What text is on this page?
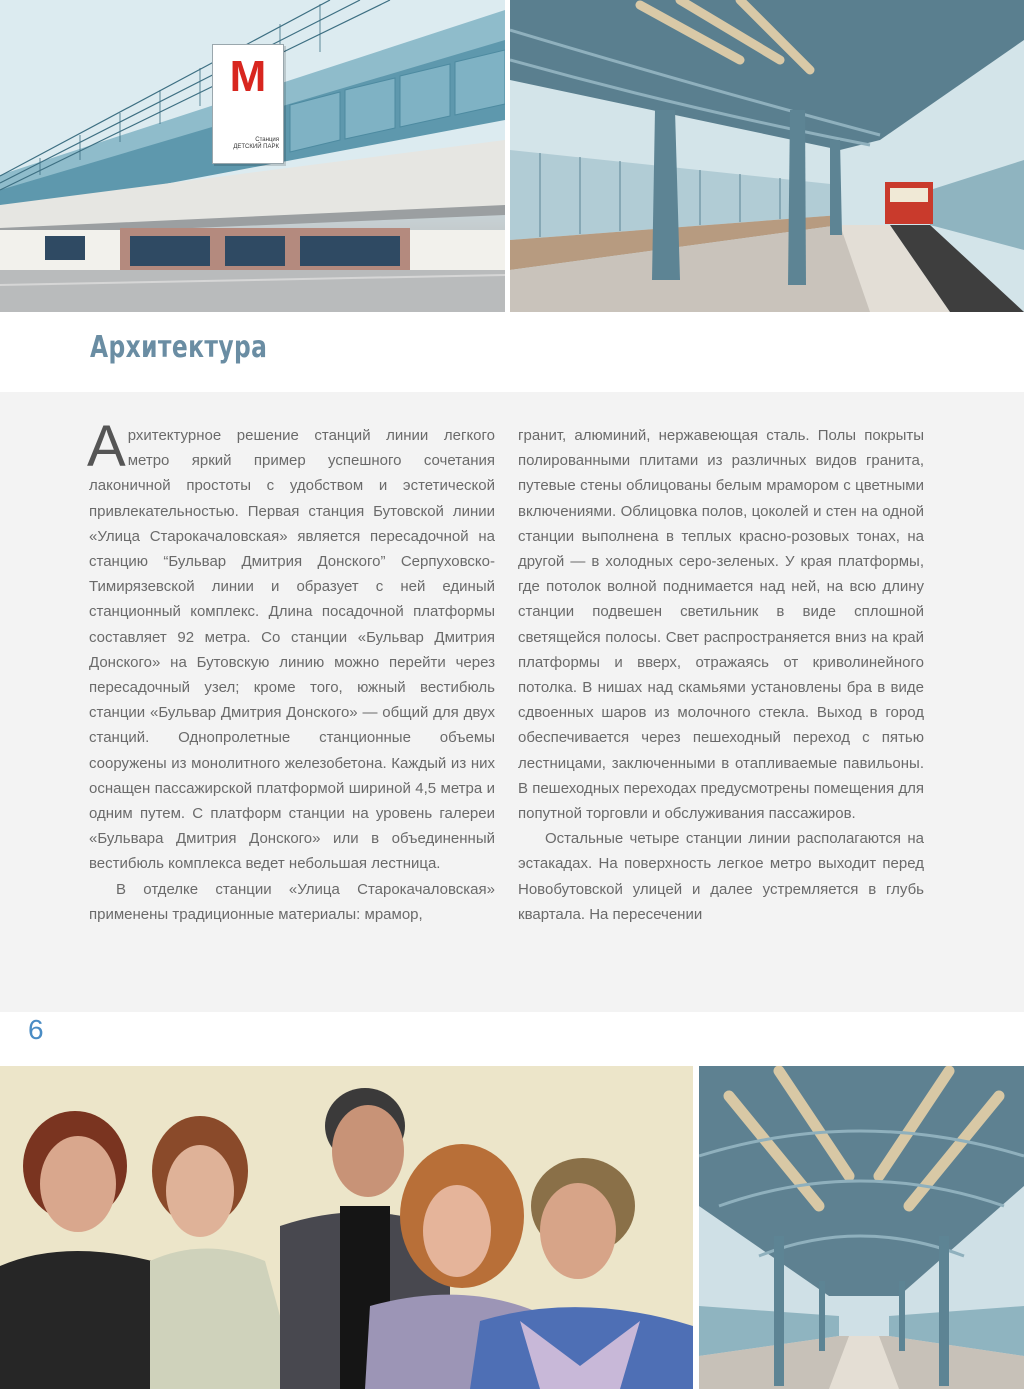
М
Станция
ДЕТСКИЙ ПАРК
Архитектура

Архитектурное решение станций линии легкого метро яркий пример успешного сочетания лаконичной простоты с удобством и эстетической привлекательностью. Первая станция Бутовской линии «Улица Старокачаловская» является пересадочной на станцию “Бульвар Дмитрия Донского” Серпуховско-Тимирязевской линии и образует с ней единый станционный комплекс. Длина посадочной платформы составляет 92 метра. Со станции «Бульвар Дмитрия Донского» на Бутовскую линию можно перейти через пересадочный узел; кроме того, южный вестибюль станции «Бульвар Дмитрия Донского» — общий для двух станций. Однопролетные станционные объемы сооружены из монолитного железобетона. Каждый из них оснащен пассажирской платформой шириной 4,5 метра и одним путем. С платформ станции на уровень галереи «Бульвара Дмитрия Донского» или в объединенный вестибюль комплекса ведет небольшая лестница.

В отделке станции «Улица Старокачаловская» применены традиционные материалы: мрамор,

гранит, алюминий, нержавеющая сталь. Полы покрыты полированными плитами из различных видов гранита, путевые стены облицованы белым мрамором с цветными включениями. Облицовка полов, цоколей и стен на одной станции выполнена в теплых красно-розовых тонах, на другой — в холодных серо-зеленых. У края платформы, где потолок волной поднимается над ней, на всю длину станции подвешен светильник в виде сплошной светящейся полосы. Свет распространяется вниз на край платформы и вверх, отражаясь от криволинейного потолка. В нишах над скамьями установлены бра в виде сдвоенных шаров из молочного стекла. Выход в город обеспечивается через пешеходный переход с пятью лестницами, заключенными в отапливаемые павильоны. В пешеходных переходах предусмотрены помещения для попутной торговли и обслуживания пассажиров.

Остальные четыре станции линии располагаются на эстакадах. На поверхность легкое метро выходит перед Новобутовской улицей и далее устремляется в глубь квартала. На пересечении

6
